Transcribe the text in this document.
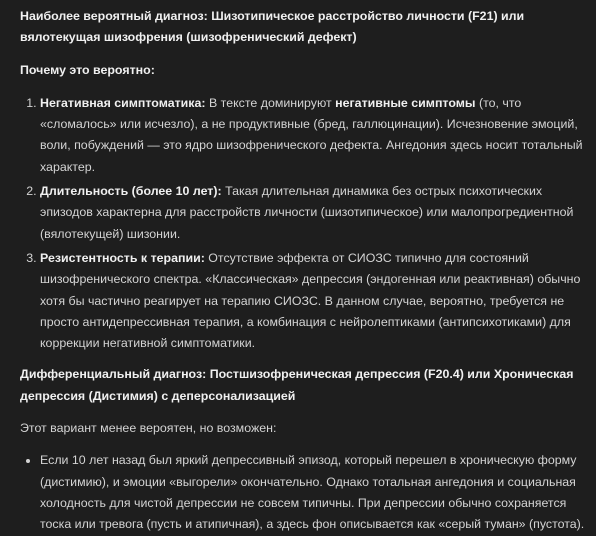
Наиболее вероятный диагноз: Шизотипическое расстройство личности (F21) или вялотекущая шизофрения (шизофренический дефект)
Почему это вероятно:
1. Негативная симптоматика: В тексте доминируют негативные симптомы (то, что «сломалось» или исчезло), а не продуктивные (бред, галлюцинации). Исчезновение эмоций, воли, побуждений — это ядро шизофренического дефекта. Ангедония здесь носит тотальный характер.
2. Длительность (более 10 лет): Такая длительная динамика без острых психотических эпизодов характерна для расстройств личности (шизотипическое) или малопрогредиентной (вялотекущей) шизонии.
3. Резистентность к терапии: Отсутствие эффекта от СИОЗС типично для состояний шизофренического спектра. «Классическая» депрессия (эндогенная или реактивная) обычно хотя бы частично реагирует на терапию СИОЗС. В данном случае, вероятно, требуется не просто антидепрессивная терапия, а комбинация с нейролептиками (антипсихотиками) для коррекции негативной симптоматики.
Дифференциальный диагноз: Постшизофреническая депрессия (F20.4) или Хроническая депрессия (Дистимия) с деперсонализацией
Этот вариант менее вероятен, но возможен:
• Если 10 лет назад был яркий депрессивный эпизод, который перешел в хроническую форму (дистимию), и эмоции «выгорели» окончательно. Однако тотальная ангедония и социальная холодность для чистой депрессии не совсем типичны. При депрессии обычно сохраняется тоска или тревога (пусть и атипичная), а здесь фон описывается как «серый туман» (пустота).
